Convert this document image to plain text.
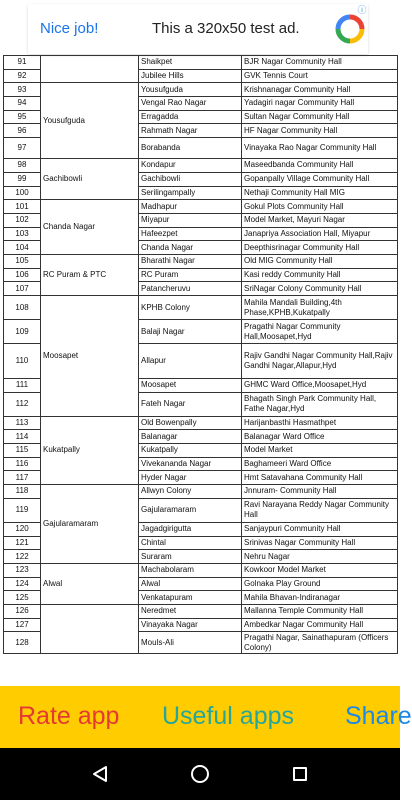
Nice job!	This a 320x50 test ad.
ⓘ
91		Shaikpet	BJR Nagar Community Hall
92		Jubilee Hills	GVK Tennis Court
93	Yousufguda	Yousufguda	Krishnanagar Community Hall
94		Vengal Rao Nagar	Yadagiri nagar Community Hall
95		Erragadda	Sultan Nagar Community Hall
96		Rahmath Nagar	HF Nagar Community Hall
97		Borabanda	Vinayaka Rao Nagar Community Hall
98	Gachibowli	Kondapur	Maseedbanda Community Hall
99		Gachibowli	Gopanpally Village Community Hall
100		Serilingampally	Nethaji Community Hall MIG
101	Chanda Nagar	Madhapur	Gokul Plots Community Hall
102		Miyapur	Model Market, Mayuri Nagar
103		Hafeezpet	Janapriya Association Hall, Miyapur
104		Chanda Nagar	Deepthisrinagar Community Hall
105	RC Puram & PTC	Bharathi Nagar	Old MIG Community Hall
106		RC Puram	Kasi reddy Community Hall
107		Patancheruvu	SriNagar Colony Community Hall
108	Moosapet	KPHB Colony	Mahila Mandali Building,4th Phase,KPHB,Kukatpally
109		Balaji Nagar	Pragathi Nagar Community Hall,Moosapet,Hyd
110		Allapur	Rajiv Gandhi Nagar Community Hall,Rajiv Gandhi Nagar,Allapur,Hyd
111		Moosapet	GHMC Ward Office,Moosapet,Hyd
112		Fateh Nagar	Bhagath Singh Park Community Hall, Fathe Nagar,Hyd
113	Kukatpally	Old Bowenpally	Harijanbasthi Hasmathpet
114		Balanagar	Balanagar Ward Office
115		Kukatpally	Model Market
116		Vivekananda Nagar	Baghameeri Ward Office
117		Hyder Nagar	Hmt Satavahana Community Hall
118	Gajularamaram	Allwyn Colony	Jnnuram- Community Hall
119		Gajularamaram	Ravi Narayana Reddy Nagar Community Hall
120		Jagadgirigutta	Sanjaypuri Community Hall
121		Chintal	Srinivas Nagar Community Hall
122		Suraram	Nehru Nagar
123	Alwal	Machabolaram	Kowkoor Model Market
124		Alwal	Golnaka Play Ground
125		Venkatapuram	Mahila Bhavan-Indiranagar
126		Neredmet	Mallanna Temple Community Hall
127		Vinayaka Nagar	Ambedkar Nagar Community Hall
128		Mouls-Ali	Pragathi Nagar, Sainathapuram (Officers Colony)
Rate app Useful apps Share
